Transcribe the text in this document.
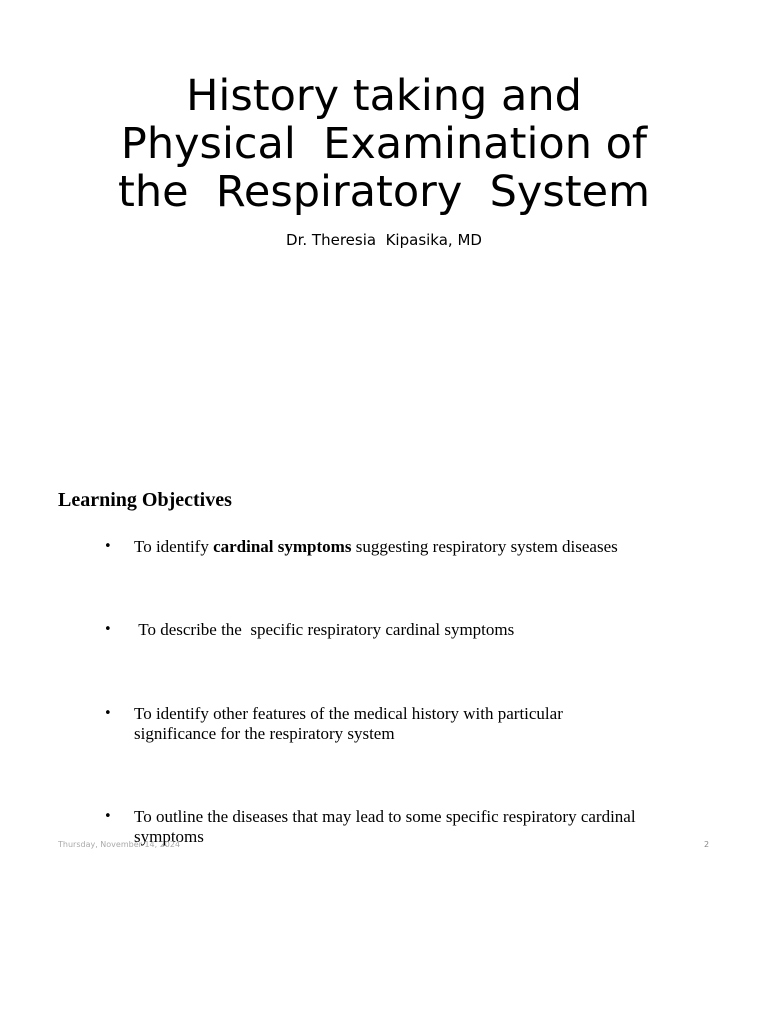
History taking and
Physical  Examination of
the  Respiratory  System
Dr. Theresia  Kipasika, MD
Learning Objectives
• To identify cardinal symptoms suggesting respiratory system diseases
• To describe the  specific respiratory cardinal symptoms
• To identify other features of the medical history with particular significance for the respiratory system
• To outline the diseases that may lead to some specific respiratory cardinal symptoms
Thursday, November 14, 2024	2
